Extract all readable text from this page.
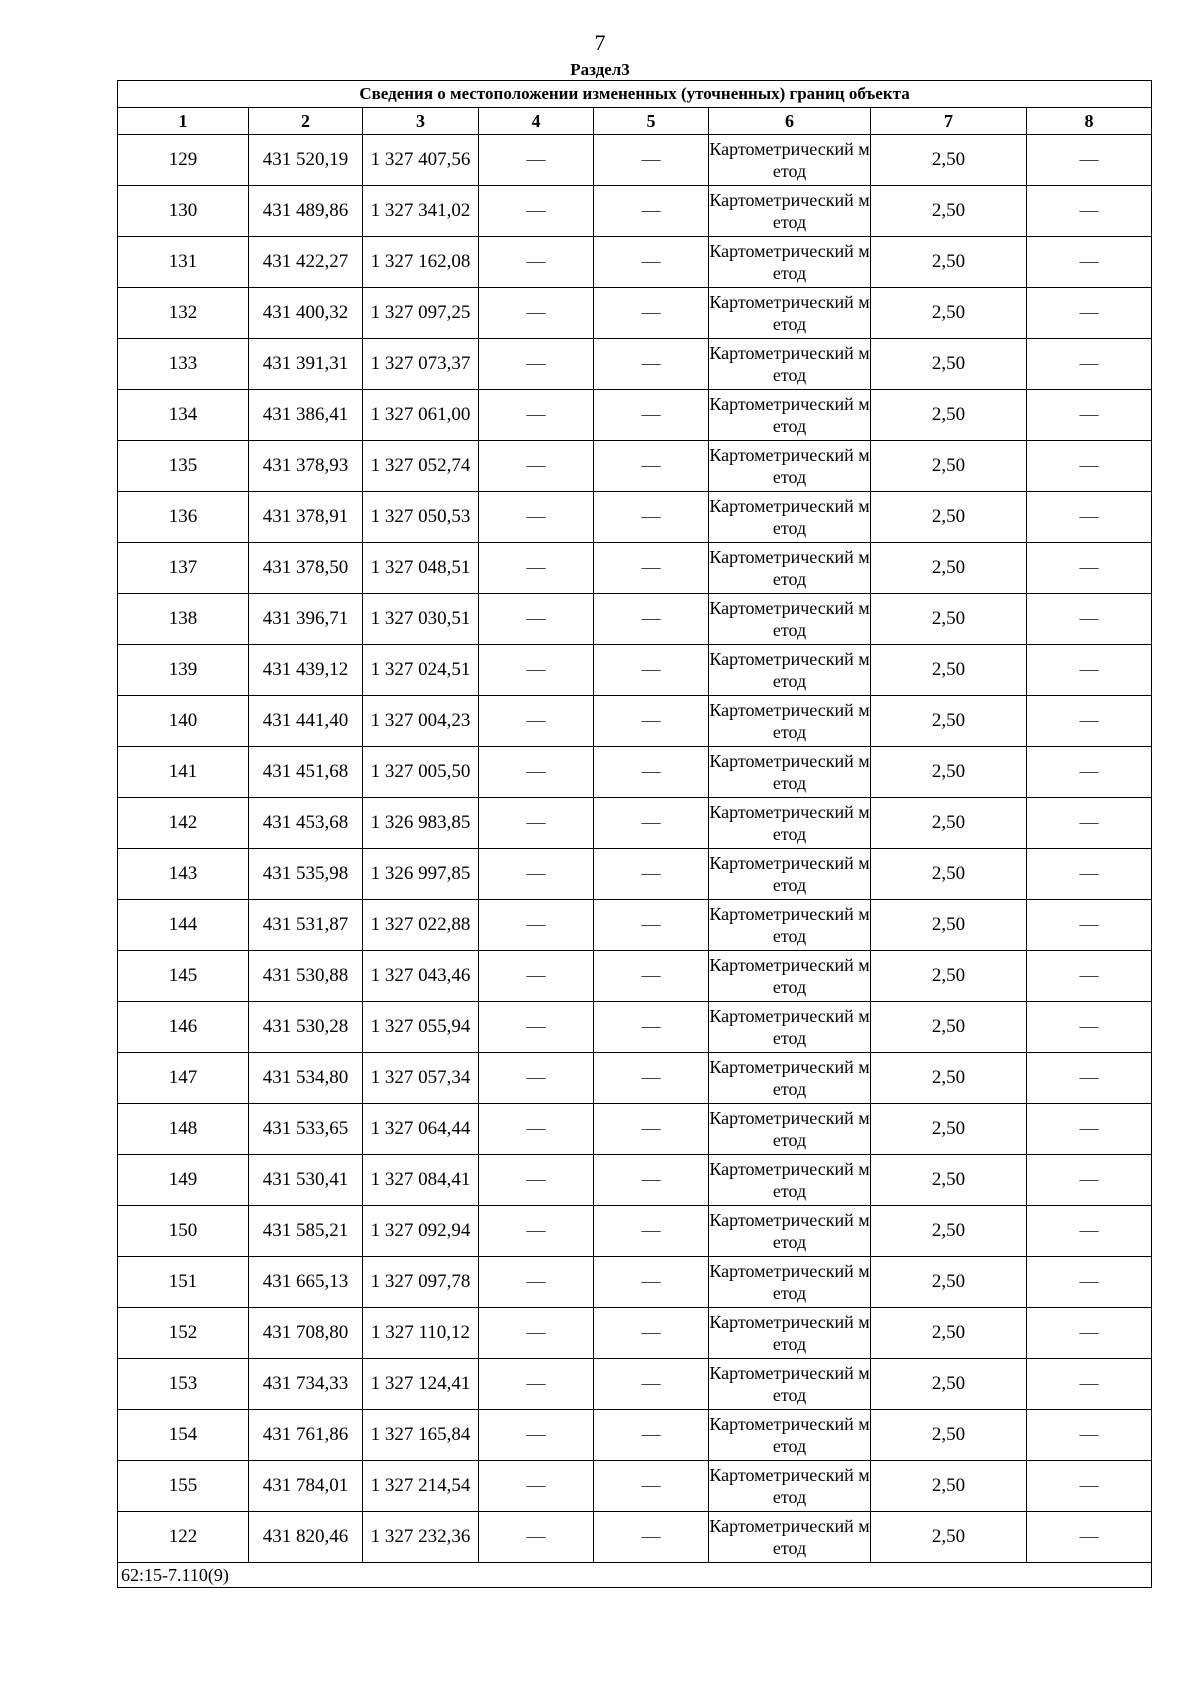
7
Раздел3
Сведения о местоположении измененных (уточненных) границ объекта							
1	2	3	4	5	6	7	8
129	431 520,19	1 327 407,56	—	—	Картометрический метод	2,50	—
130	431 489,86	1 327 341,02	—	—	Картометрический метод	2,50	—
131	431 422,27	1 327 162,08	—	—	Картометрический метод	2,50	—
132	431 400,32	1 327 097,25	—	—	Картометрический метод	2,50	—
133	431 391,31	1 327 073,37	—	—	Картометрический метод	2,50	—
134	431 386,41	1 327 061,00	—	—	Картометрический метод	2,50	—
135	431 378,93	1 327 052,74	—	—	Картометрический метод	2,50	—
136	431 378,91	1 327 050,53	—	—	Картометрический метод	2,50	—
137	431 378,50	1 327 048,51	—	—	Картометрический метод	2,50	—
138	431 396,71	1 327 030,51	—	—	Картометрический метод	2,50	—
139	431 439,12	1 327 024,51	—	—	Картометрический метод	2,50	—
140	431 441,40	1 327 004,23	—	—	Картометрический метод	2,50	—
141	431 451,68	1 327 005,50	—	—	Картометрический метод	2,50	—
142	431 453,68	1 326 983,85	—	—	Картометрический метод	2,50	—
143	431 535,98	1 326 997,85	—	—	Картометрический метод	2,50	—
144	431 531,87	1 327 022,88	—	—	Картометрический метод	2,50	—
145	431 530,88	1 327 043,46	—	—	Картометрический метод	2,50	—
146	431 530,28	1 327 055,94	—	—	Картометрический метод	2,50	—
147	431 534,80	1 327 057,34	—	—	Картометрический метод	2,50	—
148	431 533,65	1 327 064,44	—	—	Картометрический метод	2,50	—
149	431 530,41	1 327 084,41	—	—	Картометрический метод	2,50	—
150	431 585,21	1 327 092,94	—	—	Картометрический метод	2,50	—
151	431 665,13	1 327 097,78	—	—	Картометрический метод	2,50	—
152	431 708,80	1 327 110,12	—	—	Картометрический метод	2,50	—
153	431 734,33	1 327 124,41	—	—	Картометрический метод	2,50	—
154	431 761,86	1 327 165,84	—	—	Картометрический метод	2,50	—
155	431 784,01	1 327 214,54	—	—	Картометрический метод	2,50	—
122	431 820,46	1 327 232,36	—	—	Картометрический метод	2,50	—
62:15-7.110(9)							
